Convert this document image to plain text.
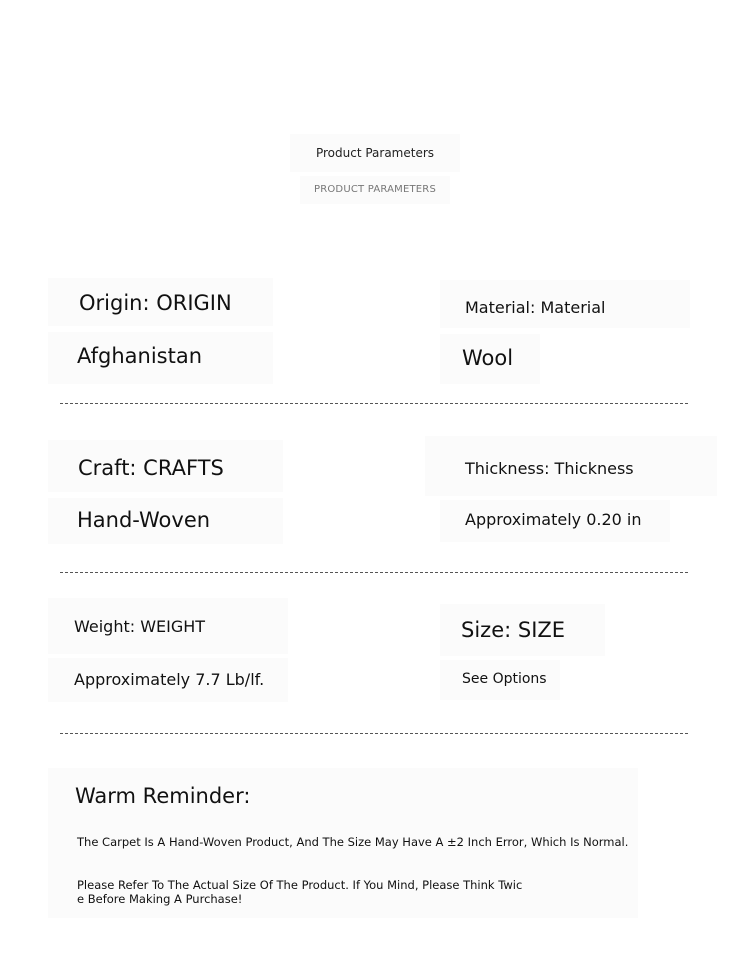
Product Parameters
PRODUCT PARAMETERS
Origin: ORIGIN
Afghanistan
Material: Material
Wool
Craft: CRAFTS
Hand-Woven
Thickness: Thickness
Approximately 0.20 in
Weight: WEIGHT
Approximately 7.7 Lb/lf.
Size: SIZE
See Options
Warm Reminder:
The Carpet Is A Hand-Woven Product, And The Size May Have A ±2 Inch Error, Which Is Normal.
Please Refer To The Actual Size Of The Product. If You Mind, Please Think Twic
e Before Making A Purchase!
